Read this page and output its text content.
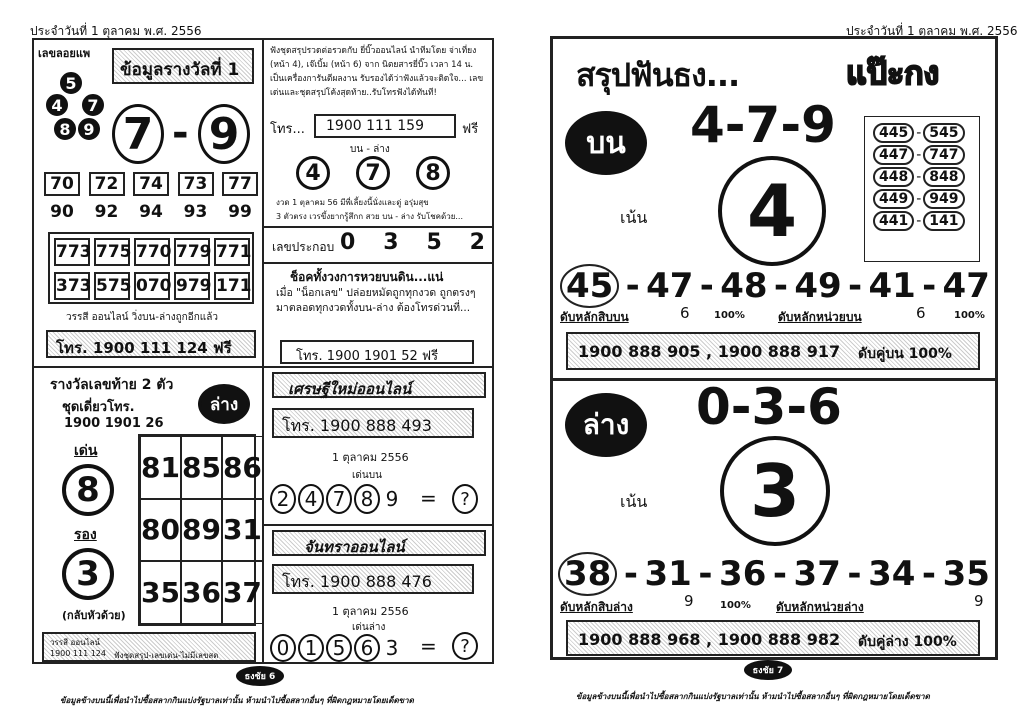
ประจำวันที่ 1 ตุลาคม พ.ศ. 2556
เลขลอยแพ
5
4	7
8 9
ข้อมูลรางวัลที่ 1
7 - 9
70	72	74	73	77
90	92	94	93	99
773 775 770 779 771
373 575 070 979 171
วรรสี ออนไลน์ วิ่งบน-ล่างถูกอีกแล้ว
โทร. 1900 111 124 ฟรี
ฟังชุดสรุปรวดต่อรวดกับ ยี่บิ๊วออนไลน์ นำทีมโดย จ่าเที่ยง (หน้า 4), เจ๊เบิ้ม (หน้า 6) จาก นิตยสารยี่บิ๊ว เวลา 14 น. เป็นเครื่องการันตีผลงาน รับรองได้ว่าฟังแล้วจะติดใจ... เลขเด่นและชุดสรุปโค้งสุดท้าย..รับโทรฟังได้ทันที!
โทร... 1900 111 159	ฟรี
บน - ล่าง
4	7	8
งวด 1 ตุลาคม 56 มีพี่เลี้ยงนี้นั่งและดู่ อรุ่มสุข
3 ตัวตรง เวรขึ้งยากรู้สึกก สวย บน - ล่าง รับโชคด้วย...
เลขประกอบ 0 3 5 2
ช็อคทั้งวงการหวยบนดิน...แน่
เมื่อ "น็อกเลข" ปล่อยหมัดถูกทุกงวด ถูกตรงๆ มาตลอดทุกงวดทั้งบน-ล่าง ต้องโทรด่วนที่...
โทร. 1900 1901 52 ฟรี
รางวัลเลขท้าย 2 ตัว
ชุดเดี่ยวโทร.
1900 1901 26
ล่าง
เด่น
8
รอง
3
(กลับหัวด้วย)
81 85 86
80 89 31
35 36 37
วรรสี ออนไลน์
1900 111 124 ฟังชุดสรุป-เลขเด่น-ไม่มีเลขสด
เศรษฐีใหม่ออนไลน์
โทร. 1900 888 493
1 ตุลาคม 2556
เด่นบน
2 4 7 8 9 =	?
จันทราออนไลน์
โทร. 1900 888 476
1 ตุลาคม 2556
เด่นล่าง
0 1 5 6 3 =	?
ธงชัย 6
ข้อมูลข้างบนนี้เพื่อนำไปซื้อสลากกินแบ่งรัฐบาลเท่านั้น ห้ามนำไปซื้อสลากอื่นๆ ที่ผิดกฎหมายโดยเด็ดขาด
ประจำวันที่ 1 ตุลาคม พ.ศ. 2556
สรุปฟันธง...	แป๊ะกง
บน	4-7-9
เน้น	4
445 - 545
447 - 747
448 - 848
449 - 949
441 - 141
45 - 47 - 48 - 49 - 41 - 47
ดับหลักสิบบน	6 100%	ดับหลักหน่วยบน	6	100%
1900 888 905 , 1900 888 917 ดับคู่บน 100%
ล่าง	0-3-6
เน้น	3
38 - 31 - 36 - 37 - 34 - 35
ดับหลักสิบล่าง	9	100% ดับหลักหน่วยล่าง	9
1900 888 968 , 1900 888 982 ดับคู่ล่าง 100%
ธงชัย 7
ข้อมูลข้างบนนี้เพื่อนำไปซื้อสลากกินแบ่งรัฐบาลเท่านั้น ห้ามนำไปซื้อสลากอื่นๆ ที่ผิดกฎหมายโดยเด็ดขาด
